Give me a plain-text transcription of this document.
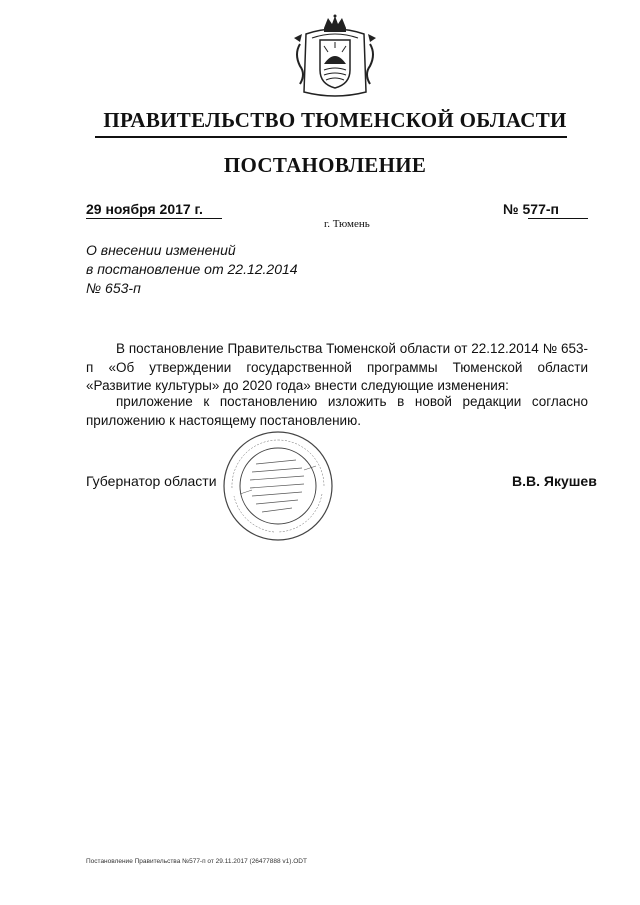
ПРАВИТЕЛЬСТВО ТЮМЕНСКОЙ ОБЛАСТИ
ПОСТАНОВЛЕНИЕ
29 ноября 2017 г.	№ 577-п
г. Тюмень
О внесении изменений
в постановление от 22.12.2014
№ 653-п
В постановление Правительства Тюменской области от 22.12.2014 № 653-п «Об утверждении государственной программы Тюменской области «Развитие культуры» до 2020 года» внести следующие изменения:
приложение к постановлению изложить в новой редакции согласно приложению к настоящему постановлению.
Губернатор области	В.В. Якушев
Постановление Правительства №577-п от 29.11.2017 (26477888 v1).ODT
